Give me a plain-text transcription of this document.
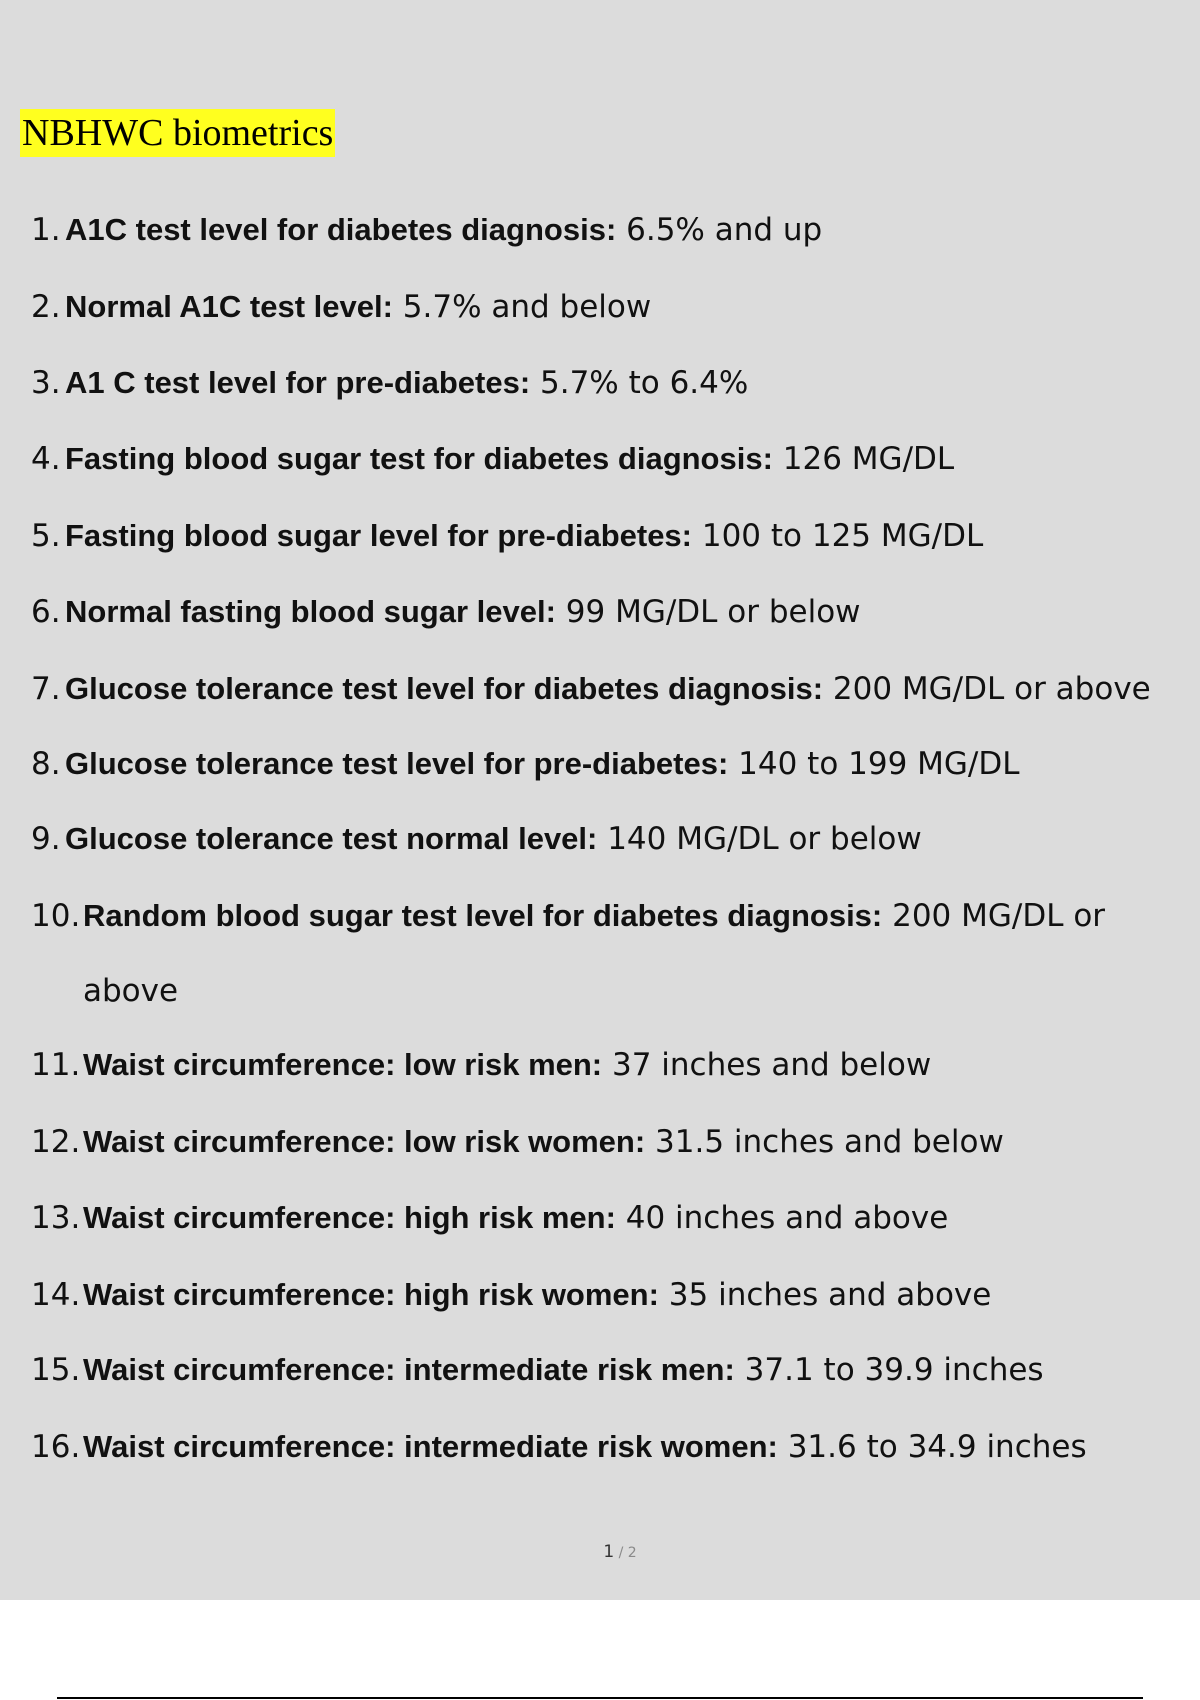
NBHWC biometrics
1. A1C test level for diabetes diagnosis: 6.5% and up
2. Normal A1C test level: 5.7% and below
3. A1 C test level for pre-diabetes: 5.7% to 6.4%
4. Fasting blood sugar test for diabetes diagnosis: 126 MG/DL
5. Fasting blood sugar level for pre-diabetes: 100 to 125 MG/DL
6. Normal fasting blood sugar level: 99 MG/DL or below
7. Glucose tolerance test level for diabetes diagnosis: 200 MG/DL or above
8. Glucose tolerance test level for pre-diabetes: 140 to 199 MG/DL
9. Glucose tolerance test normal level: 140 MG/DL or below
10.Random blood sugar test level for diabetes diagnosis: 200 MG/DL or
11.Waist circumference: low risk men: 37 inches and below
12.Waist circumference: low risk women: 31.5 inches and below
13.Waist circumference: high risk men: 40 inches and above
14.Waist circumference: high risk women: 35 inches and above
15.Waist circumference: intermediate risk men: 37.1 to 39.9 inches
16.Waist circumference: intermediate risk women: 31.6 to 34.9 inches
above
1 / 2
